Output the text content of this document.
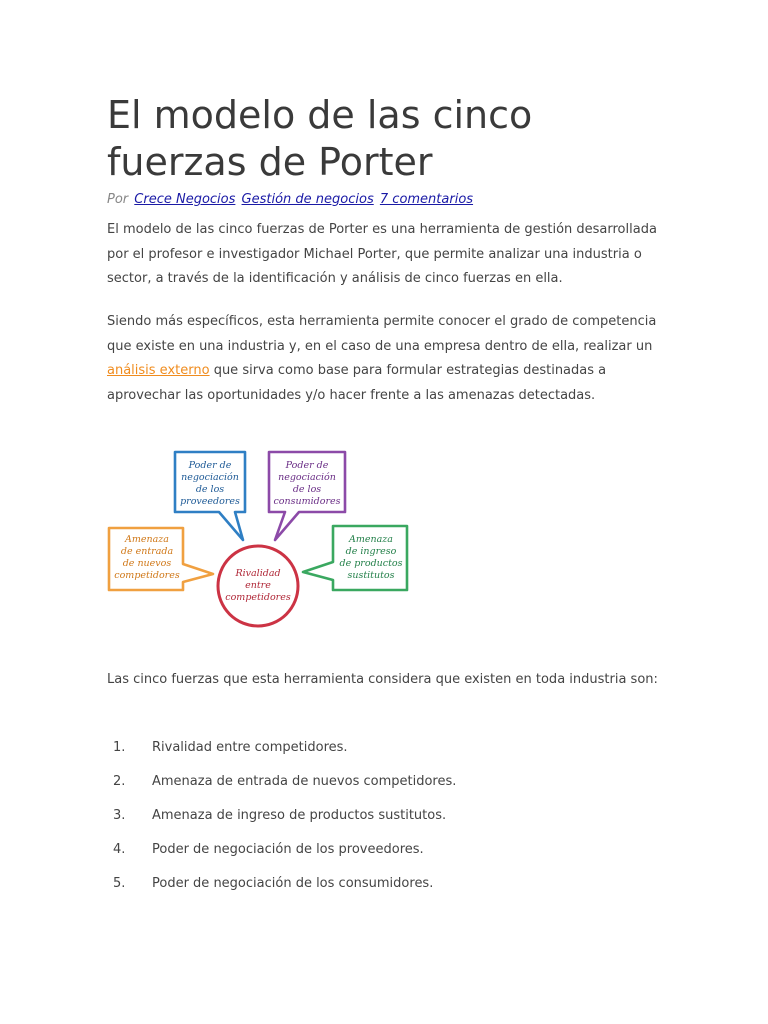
El modelo de las cinco
fuerzas de Porter
Por Crece Negocios Gestión de negocios 7 comentarios

El modelo de las cinco fuerzas de Porter es una herramienta de gestión desarrollada por el profesor e investigador Michael Porter, que permite analizar una industria o sector, a través de la identificación y análisis de cinco fuerzas en ella.

Siendo más específicos, esta herramienta permite conocer el grado de competencia que existe en una industria y, en el caso de una empresa dentro de ella, realizar un análisis externo que sirva como base para formular estrategias destinadas a aprovechar las oportunidades y/o hacer frente a las amenazas detectadas.

Poder de
negociación
de los
proveedores
Poder de
negociación
de los
consumidores
Amenaza
de entrada
de nuevos
competidores
Amenaza
de ingreso
de productos
sustitutos
Rivalidad
entre
competidores

Las cinco fuerzas que esta herramienta considera que existen en toda industria son:

1. Rivalidad entre competidores.
2. Amenaza de entrada de nuevos competidores.
3. Amenaza de ingreso de productos sustitutos.
4. Poder de negociación de los proveedores.
5. Poder de negociación de los consumidores.
